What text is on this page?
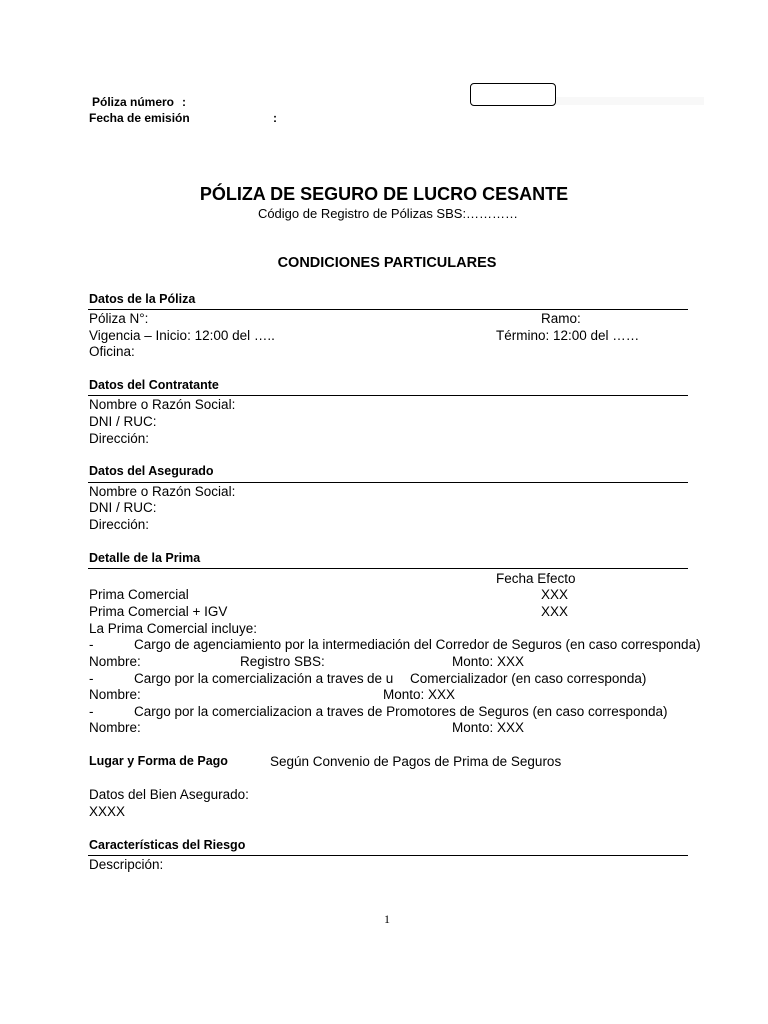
Póliza número :
Fecha de emisión	:
PÓLIZA DE SEGURO DE LUCRO CESANTE
Código de Registro de Pólizas SBS:…………
CONDICIONES PARTICULARES
Datos de la Póliza
Póliza N°:	Ramo:
Vigencia – Inicio: 12:00 del …..	Término: 12:00 del ……
Oficina:
Datos del Contratante
Nombre o Razón Social:
DNI / RUC:
Dirección:
Datos del Asegurado
Nombre o Razón Social:
DNI / RUC:
Dirección:
Detalle de la Prima
Fecha Efecto
Prima Comercial	XXX
Prima Comercial + IGV	XXX
La Prima Comercial incluye:
-	Cargo de agenciamiento por la intermediación del Corredor de Seguros (en caso corresponda)
Nombre:	Registro SBS:	Monto: XXX
-	Cargo por la comercialización a traves de u Comercializador (en caso corresponda)
Nombre:	Monto: XXX
-	Cargo por la comercializacion a traves de Promotores de Seguros (en caso corresponda)
Nombre:	Monto: XXX
Lugar y Forma de Pago	Según Convenio de Pagos de Prima de Seguros
Datos del Bien Asegurado:
XXXX
Características del Riesgo
Descripción:
1
